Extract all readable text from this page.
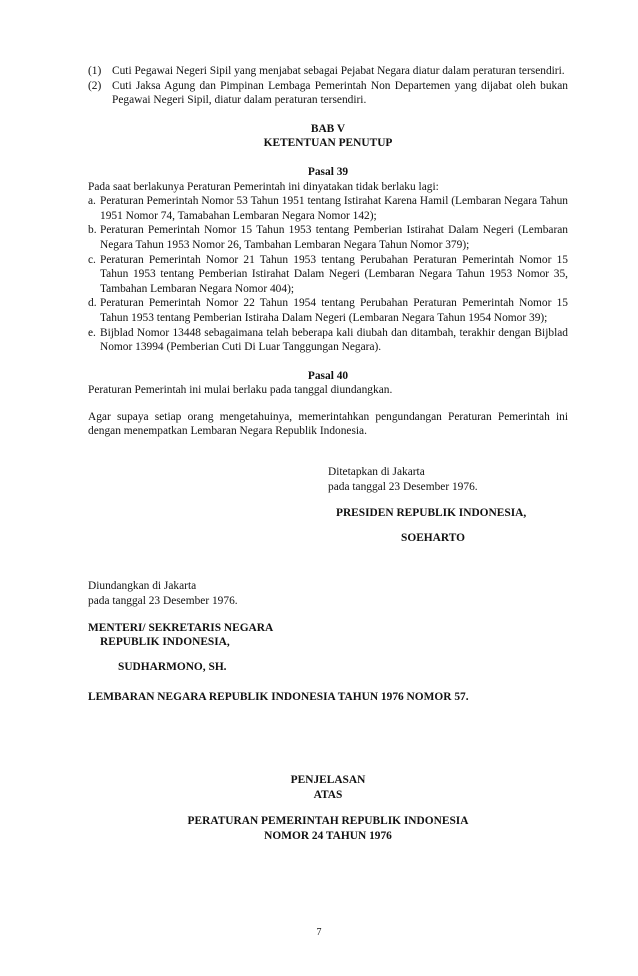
(1) Cuti Pegawai Negeri Sipil yang menjabat sebagai Pejabat Negara diatur dalam peraturan tersendiri.
(2) Cuti Jaksa Agung dan Pimpinan Lembaga Pemerintah Non Departemen yang dijabat oleh bukan Pegawai Negeri Sipil, diatur dalam peraturan tersendiri.
BAB V
KETENTUAN PENUTUP
Pasal 39
Pada saat berlakunya Peraturan Pemerintah ini dinyatakan tidak berlaku lagi:
a. Peraturan Pemerintah Nomor 53 Tahun 1951 tentang Istirahat Karena Hamil (Lembaran Negara Tahun 1951 Nomor 74, Tamabahan Lembaran Negara Nomor 142);
b. Peraturan Pemerintah Nomor 15 Tahun 1953 tentang Pemberian Istirahat Dalam Negeri (Lembaran Negara Tahun 1953 Nomor 26, Tambahan Lembaran Negara Tahun Nomor 379);
c. Peraturan Pemerintah Nomor 21 Tahun 1953 tentang Perubahan Peraturan Pemerintah Nomor 15 Tahun 1953 tentang Pemberian Istirahat Dalam Negeri (Lembaran Negara Tahun 1953 Nomor 35, Tambahan Lembaran Negara Nomor 404);
d. Peraturan Pemerintah Nomor 22 Tahun 1954 tentang Perubahan Peraturan Pemerintah Nomor 15 Tahun 1953 tentang Pemberian Istiraha Dalam Negeri (Lembaran Negara Tahun 1954 Nomor 39);
e. Bijblad Nomor 13448 sebagaimana telah beberapa kali diubah dan ditambah, terakhir dengan Bijblad Nomor 13994 (Pemberian Cuti Di Luar Tanggungan Negara).
Pasal 40
Peraturan Pemerintah ini mulai berlaku pada tanggal diundangkan.
Agar supaya setiap orang mengetahuinya, memerintahkan pengundangan Peraturan Pemerintah ini dengan menempatkan Lembaran Negara Republik Indonesia.
Ditetapkan di Jakarta
pada tanggal 23 Desember 1976.
PRESIDEN REPUBLIK INDONESIA,
SOEHARTO
Diundangkan di Jakarta
pada tanggal 23 Desember 1976.
MENTERI/ SEKRETARIS NEGARA
REPUBLIK INDONESIA,
SUDHARMONO, SH.
LEMBARAN NEGARA REPUBLIK INDONESIA TAHUN 1976 NOMOR 57.
PENJELASAN
ATAS
PERATURAN PEMERINTAH REPUBLIK INDONESIA
NOMOR 24 TAHUN 1976
7
